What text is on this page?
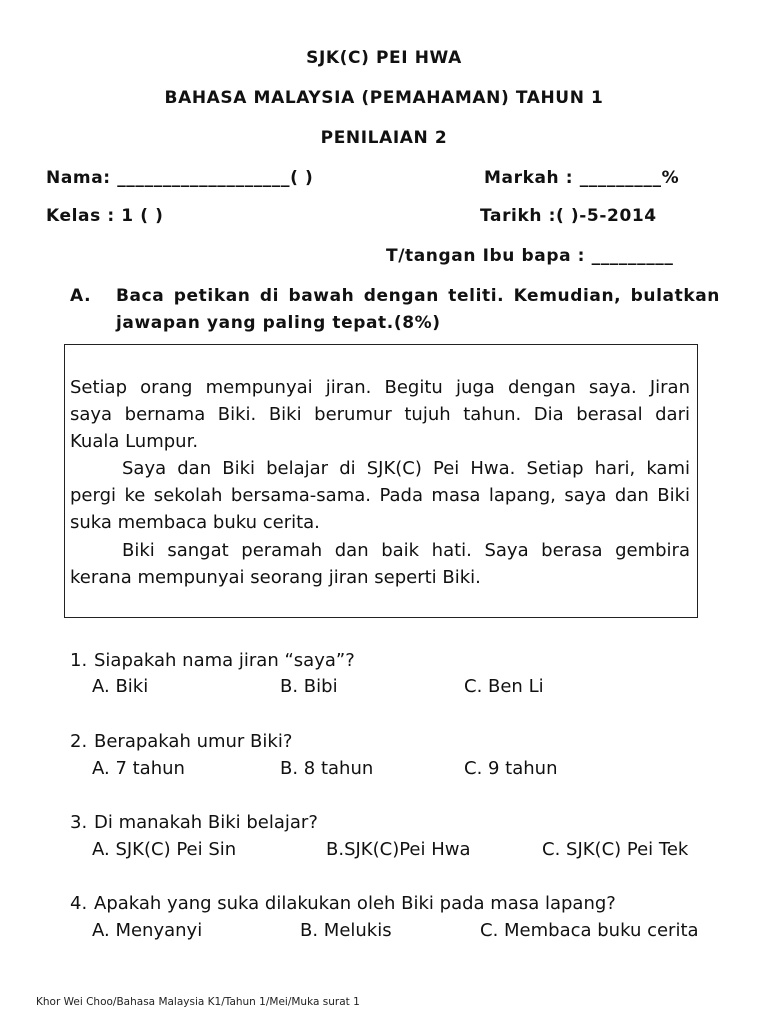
SJK(C) PEI HWA
BAHASA MALAYSIA (PEMAHAMAN) TAHUN 1
PENILAIAN 2
Nama: ___________________( )	Markah : _________%
Kelas : 1 ( )	Tarikh :( )-5-2014
T/tangan Ibu bapa : _________
A. Baca petikan di bawah dengan teliti. Kemudian, bulatkan
jawapan yang paling tepat.(8%)
Setiap orang mempunyai jiran. Begitu juga dengan saya. Jiran
saya bernama Biki. Biki berumur tujuh tahun. Dia berasal dari
Kuala Lumpur.
Saya dan Biki belajar di SJK(C) Pei Hwa. Setiap hari, kami
pergi ke sekolah bersama-sama. Pada masa lapang, saya dan Biki
suka membaca buku cerita.
Biki sangat peramah dan baik hati. Saya berasa gembira
kerana mempunyai seorang jiran seperti Biki.
1. Siapakah nama jiran “saya”?
A. Biki	B. Bibi	C. Ben Li
2. Berapakah umur Biki?
A. 7 tahun	B. 8 tahun	C. 9 tahun
3. Di manakah Biki belajar?
A. SJK(C) Pei Sin	B.SJK(C)Pei Hwa	C. SJK(C) Pei Tek
4. Apakah yang suka dilakukan oleh Biki pada masa lapang?
A. Menyanyi	B. Melukis	C. Membaca buku cerita
Khor Wei Choo/Bahasa Malaysia K1/Tahun 1/Mei/Muka surat 1
